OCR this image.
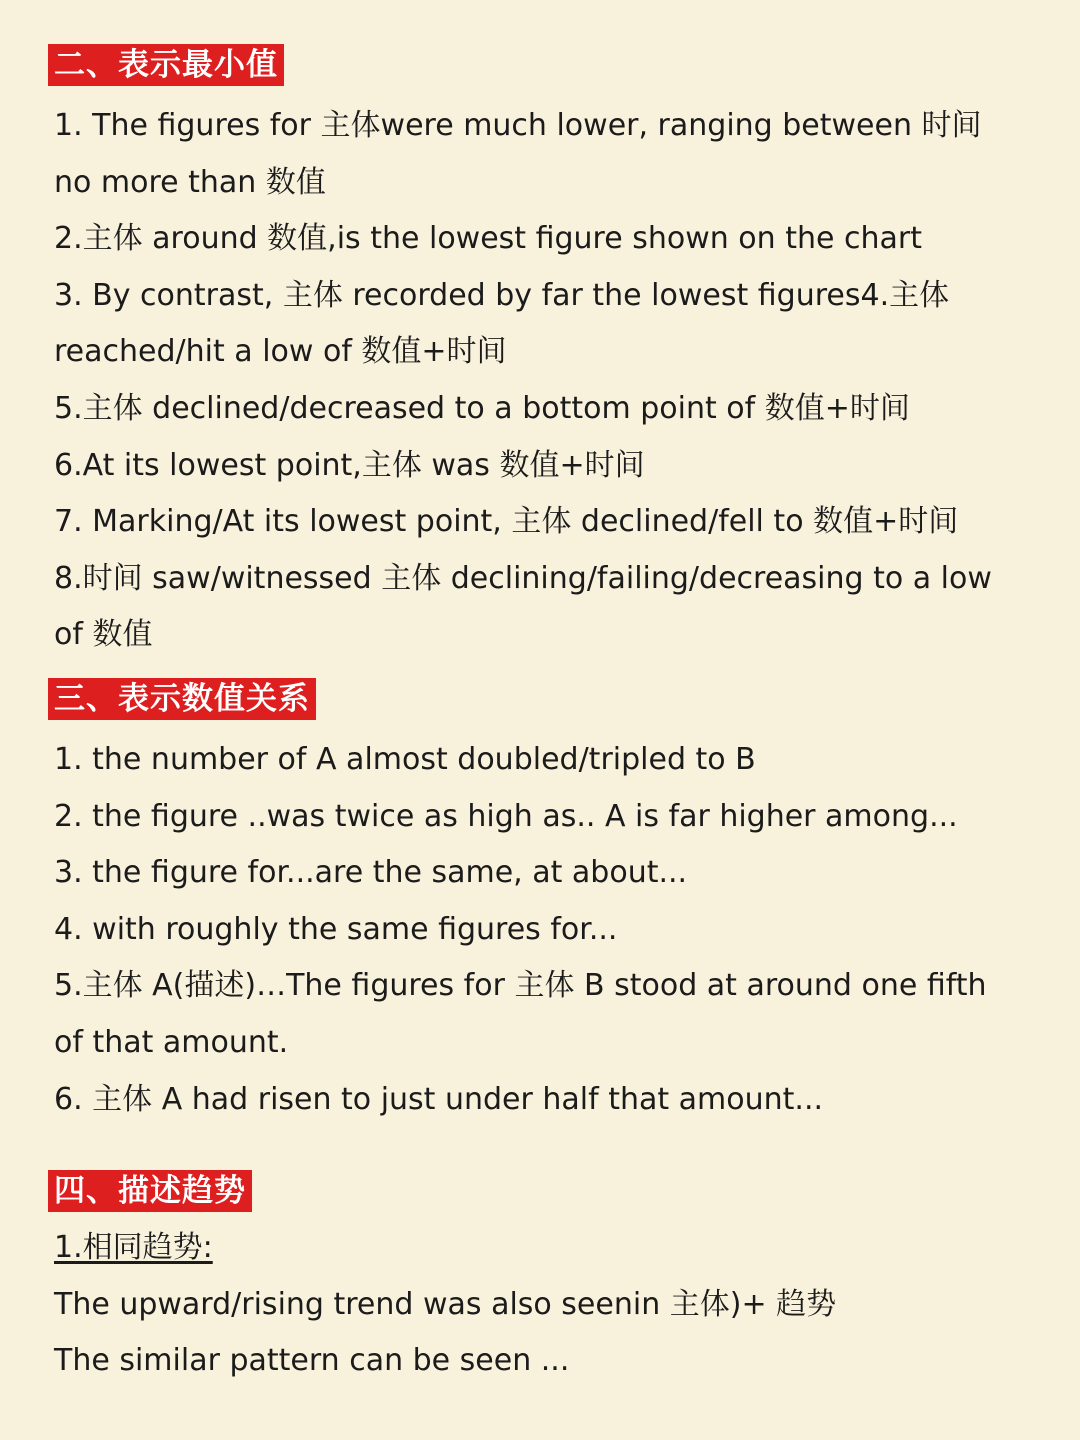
二、表示最小值

1. The figures for 主体were much lower, ranging between 时间 no more than 数值

2.主体 around 数值,is the lowest figure shown on the chart

3. By contrast, 主体 recorded by far the lowest figures4.主体 reached/hit a low of 数值+时间

5.主体 declined/decreased to a bottom point of 数值+时间

6.At its lowest point,主体 was 数值+时间

7. Marking/At its lowest point, 主体 declined/fell to 数值+时间

8.时间 saw/witnessed 主体 declining/failing/decreasing to a low of 数值

三、表示数值关系

1. the number of A almost doubled/tripled to B

2. the figure ..was twice as high as.. A is far higher among...

3. the figure for...are the same, at about...

4. with roughly the same figures for...

5.主体 A(描述)…The figures for 主体 B stood at around one fifth of that amount.

6. 主体 A had risen to just under half that amount...

四、描述趋势
1.相同趋势:

The upward/rising trend was also seenin 主体)+ 趋势

The similar pattern can be seen ...
